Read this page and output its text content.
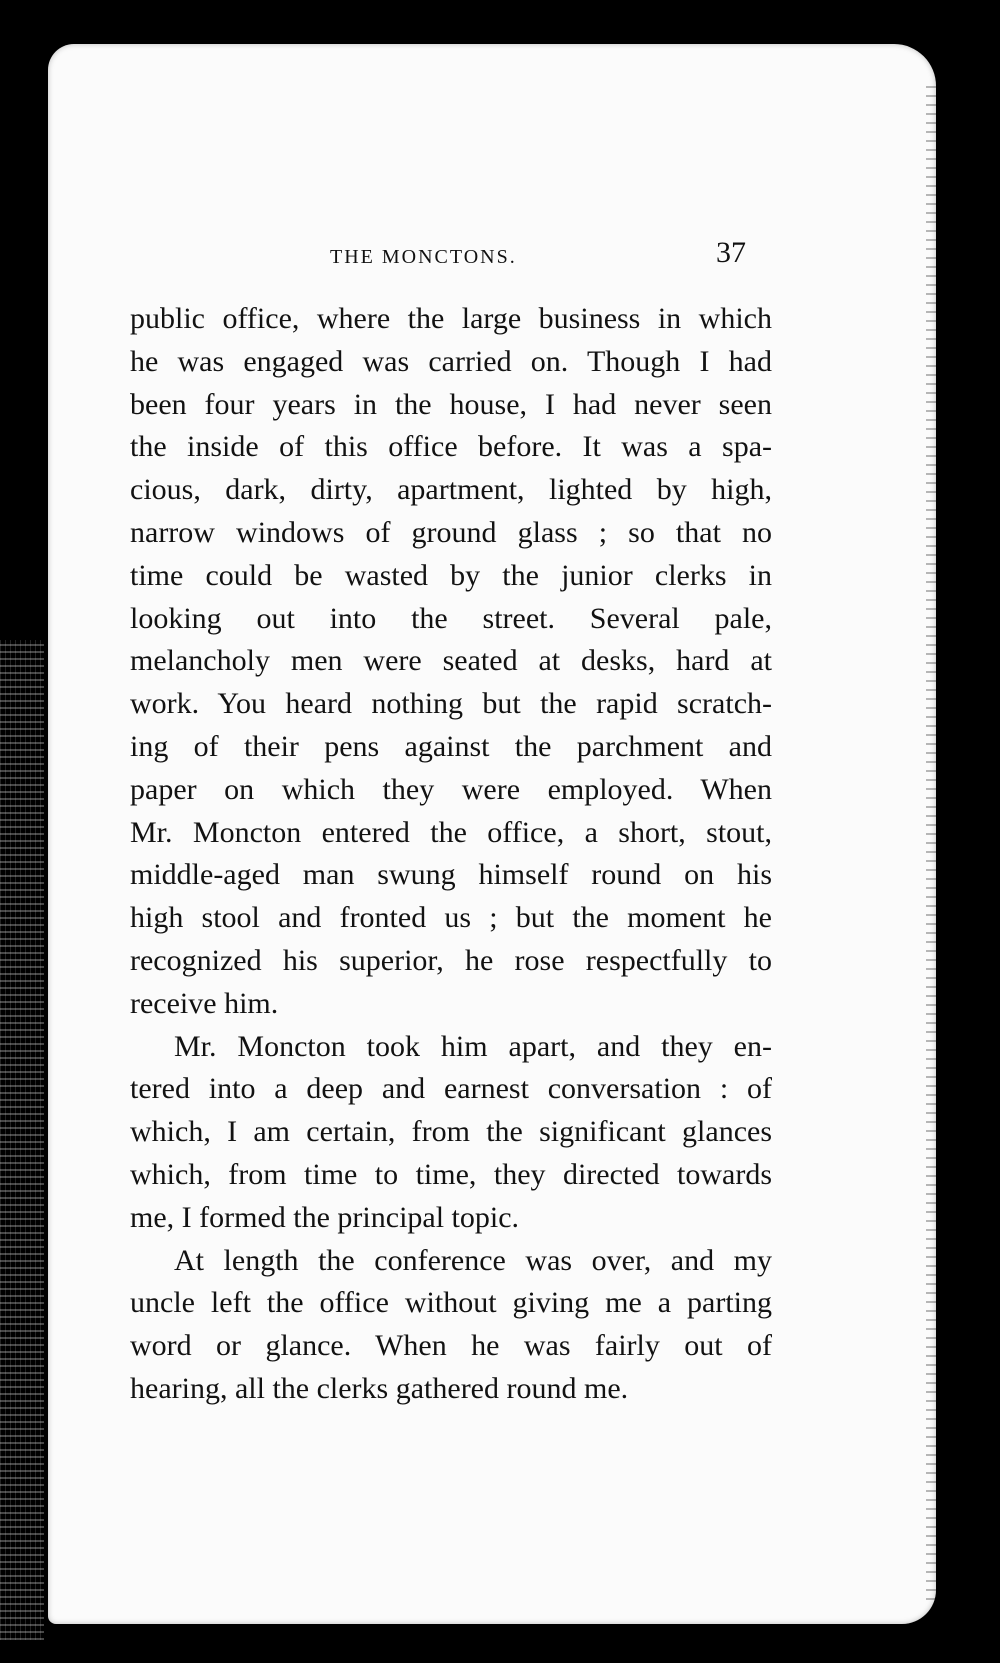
THE MONCTONS.	37

public office, where the large business in which
he was engaged was carried on. Though I had
been four years in the house, I had never seen
the inside of this office before. It was a spa-
cious, dark, dirty, apartment, lighted by high,
narrow windows of ground glass ; so that no
time could be wasted by the junior clerks in
looking out into the street. Several pale,
melancholy men were seated at desks, hard at
work. You heard nothing but the rapid scratch-
ing of their pens against the parchment and
paper on which they were employed. When
Mr. Moncton entered the office, a short, stout,
middle-aged man swung himself round on his
high stool and fronted us ; but the moment he
recognized his superior, he rose respectfully to
receive him.

Mr. Moncton took him apart, and they en-
tered into a deep and earnest conversation : of
which, I am certain, from the significant glances
which, from time to time, they directed towards
me, I formed the principal topic.

At length the conference was over, and my
uncle left the office without giving me a parting
word or glance. When he was fairly out of
hearing, all the clerks gathered round me.
